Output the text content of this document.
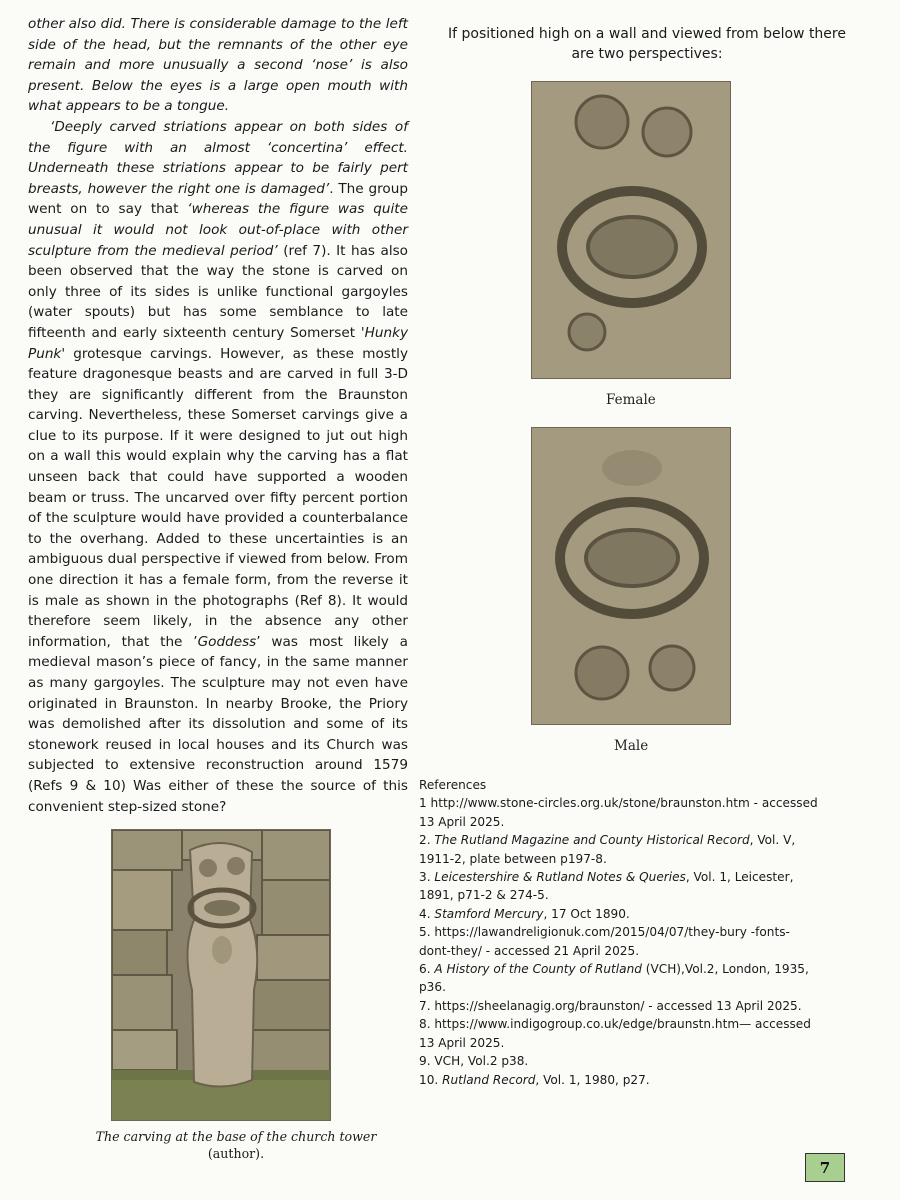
other also did. There is considerable damage to the left side of the head, but the remnants of the other eye remain and more unusually a second ‘nose’ is also present. Below the eyes is a large open mouth with what appears to be a tongue.

‘Deeply carved striations appear on both sides of the figure with an almost ‘concertina’ effect. Underneath these striations appear to be fairly pert breasts, however the right one is damaged’. The group went on to say that ‘whereas the figure was quite unusual it would not look out-of-place with other sculpture from the medieval period’ (ref 7). It has also been observed that the way the stone is carved on only three of its sides is unlike functional gargoyles (water spouts) but has some semblance to late fifteenth and early sixteenth century Somerset 'Hunky Punk' grotesque carvings. However, as these mostly feature dragonesque beasts and are carved in full 3-D they are significantly different from the Braunston carving. Nevertheless, these Somerset carvings give a clue to its purpose. If it were designed to jut out high on a wall this would explain why the carving has a flat unseen back that could have supported a wooden beam or truss. The uncarved over fifty percent portion of the sculpture would have provided a counterbalance to the overhang. Added to these uncertainties is an ambiguous dual perspective if viewed from below. From one direction it has a female form, from the reverse it is male as shown in the photographs (Ref 8). It would therefore seem likely, in the absence any other information, that the ’Goddess’ was most likely a medieval mason’s piece of fancy, in the same manner as many gargoyles. The sculpture may not even have originated in Braunston. In nearby Brooke, the Priory was demolished after its dissolution and some of its stonework reused in local houses and its Church was subjected to extensive reconstruction around 1579 (Refs 9 & 10) Was either of these the source of this convenient step-sized stone?

The carving at the base of the church tower
(author).
If positioned high on a wall and viewed from below there are two perspectives:
Female
Male
References
1 http://www.stone-circles.org.uk/stone/braunston.htm - accessed 13 April 2025.
2. The Rutland Magazine and County Historical Record, Vol. V, 1911-2, plate between p197-8.
3. Leicestershire & Rutland Notes & Queries, Vol. 1, Leicester, 1891, p71-2 & 274-5.
4. Stamford Mercury, 17 Oct 1890.
5. https://lawandreligionuk.com/2015/04/07/they-bury -fonts-dont-they/ - accessed 21 April 2025.
6. A History of the County of Rutland (VCH),Vol.2, London, 1935, p36.
7. https://sheelanagig.org/braunston/ - accessed 13 April 2025.
8. https://www.indigogroup.co.uk/edge/braunstn.htm— accessed 13 April 2025.
9. VCH, Vol.2 p38.
10. Rutland Record, Vol. 1, 1980, p27.
7
